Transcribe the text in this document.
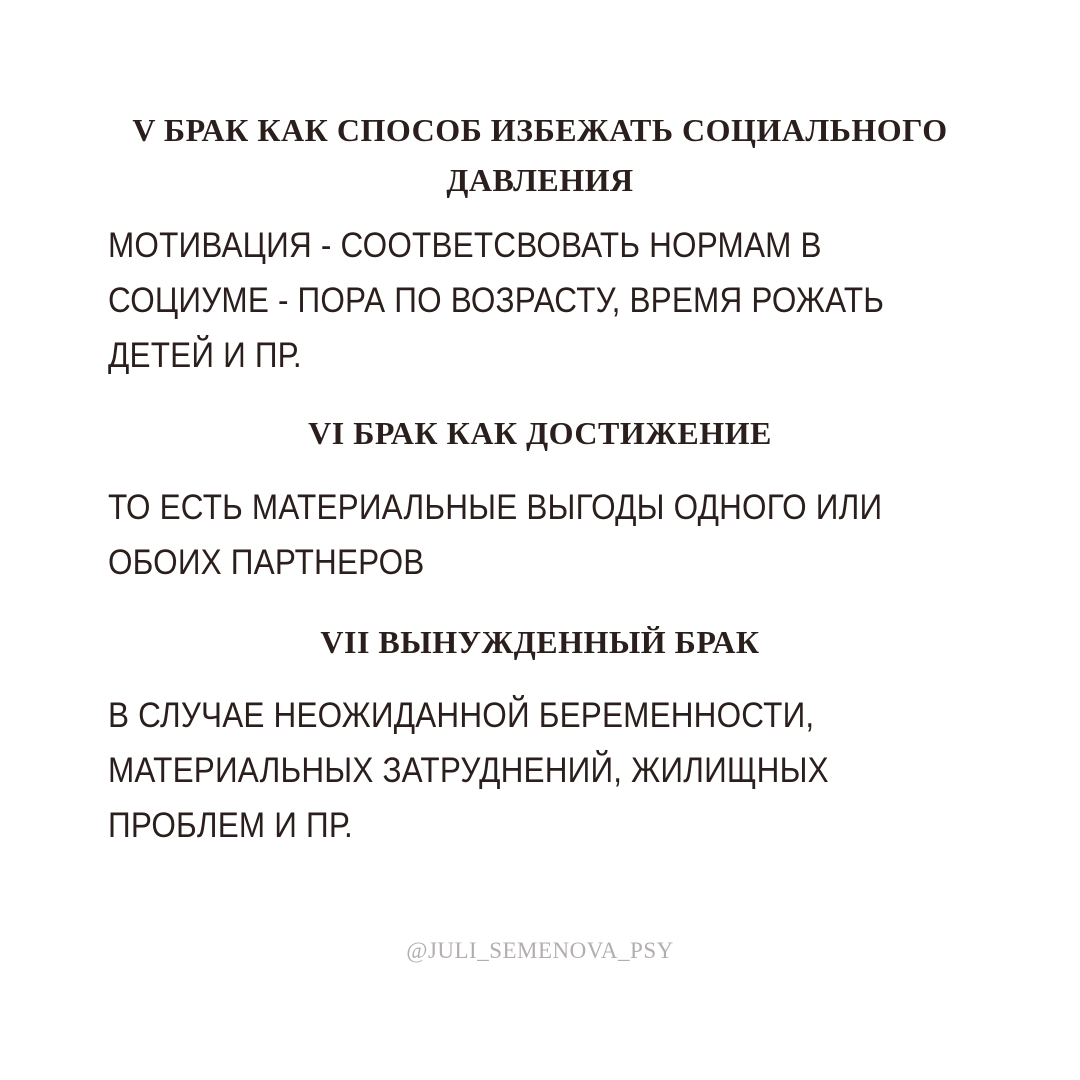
V БРАК КАК СПОСОБ ИЗБЕЖАТЬ СОЦИАЛЬНОГО
ДАВЛЕНИЯ

МОТИВАЦИЯ - СООТВЕТСВОВАТЬ НОРМАМ В
СОЦИУМЕ - ПОРА ПО ВОЗРАСТУ, ВРЕМЯ РОЖАТЬ
ДЕТЕЙ И ПР.

VI БРАК КАК ДОСТИЖЕНИЕ

ТО ЕСТЬ МАТЕРИАЛЬНЫЕ ВЫГОДЫ ОДНОГО ИЛИ
ОБОИХ ПАРТНЕРОВ

VII ВЫНУЖДЕННЫЙ БРАК

В СЛУЧАЕ НЕОЖИДАННОЙ БЕРЕМЕННОСТИ,
МАТЕРИАЛЬНЫХ ЗАТРУДНЕНИЙ, ЖИЛИЩНЫХ
ПРОБЛЕМ И ПР.

@JULI_SEMENOVA_PSY
